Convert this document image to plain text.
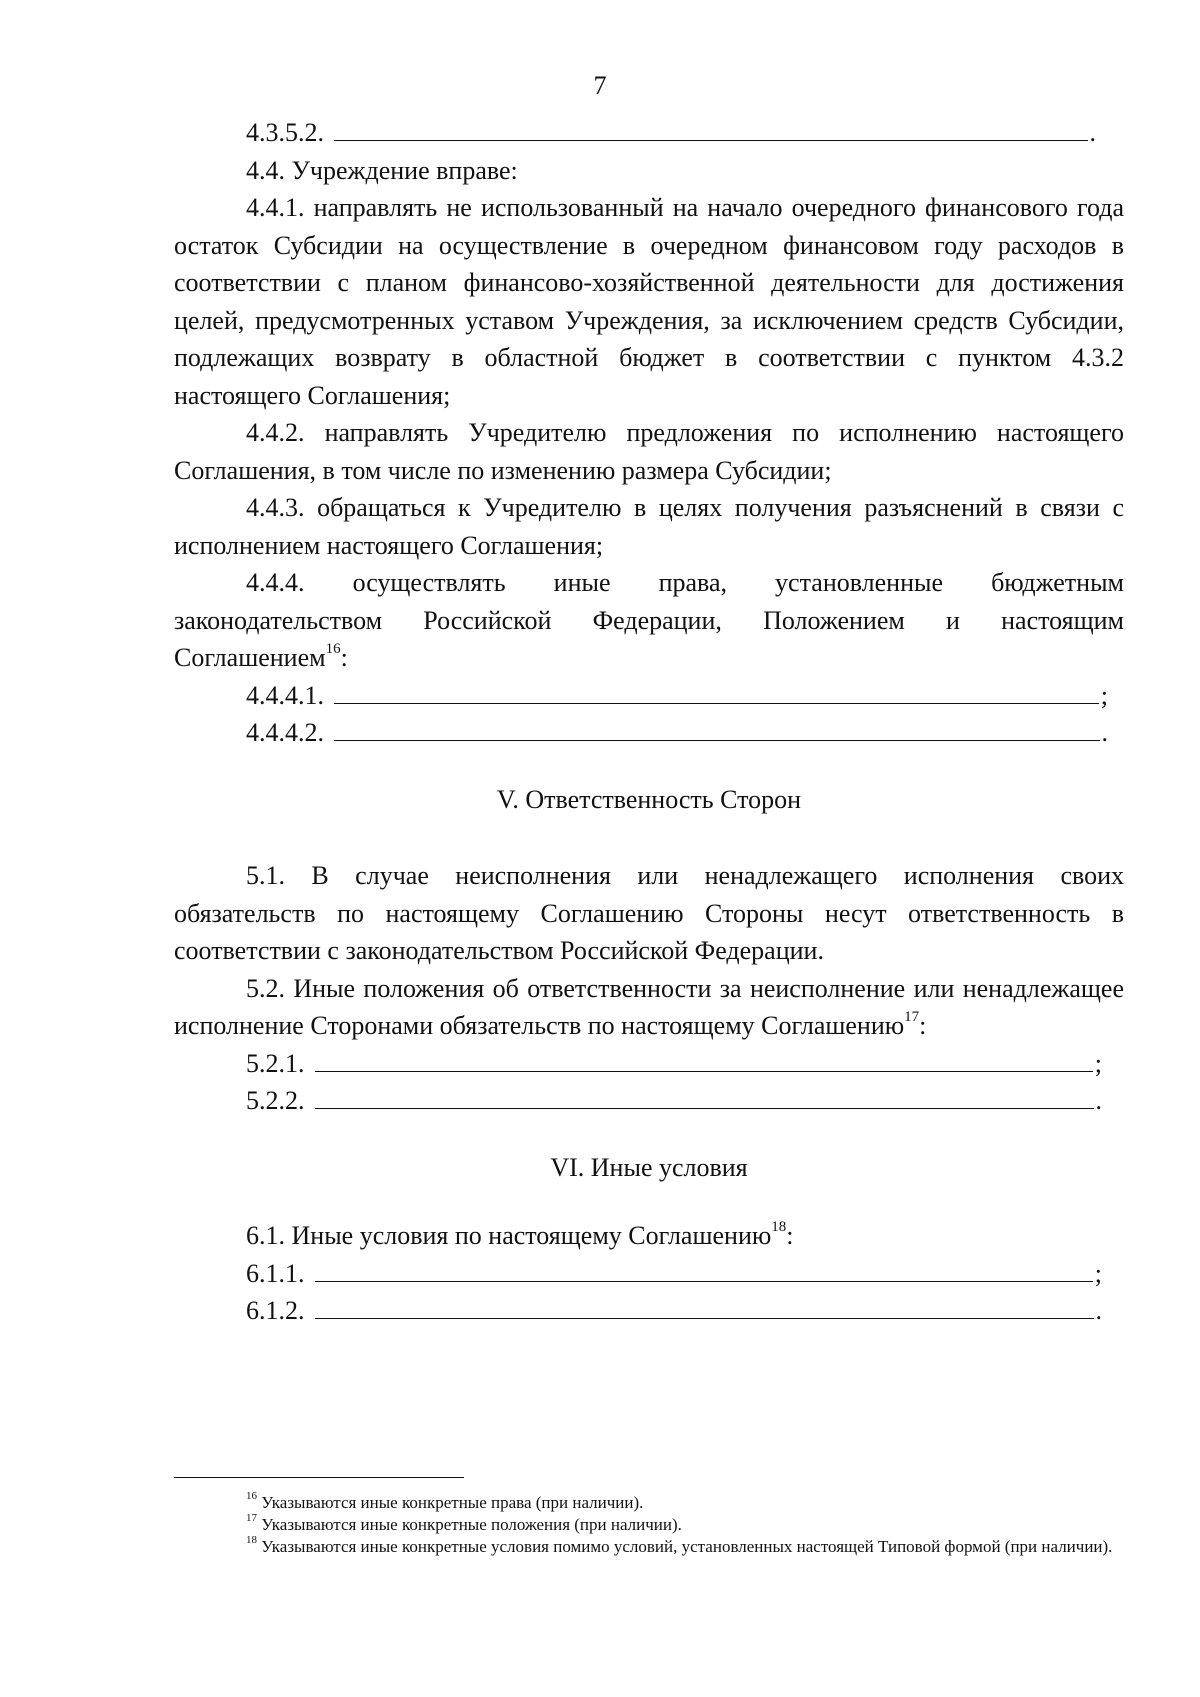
7
4.3.5.2.	.

4.4. Учреждение вправе:

4.4.1. направлять не использованный на начало очередного финансового года остаток Субсидии на осуществление в очередном финансовом году расходов в соответствии с планом финансово-хозяйственной деятельности для достижения целей, предусмотренных уставом Учреждения, за исключением средств Субсидии, подлежащих возврату в областной бюджет в соответствии с пунктом 4.3.2 настоящего Соглашения;

4.4.2. направлять Учредителю предложения по исполнению настоящего Соглашения, в том числе по изменению размера Субсидии;

4.4.3. обращаться к Учредителю в целях получения разъяснений в связи с исполнением настоящего Соглашения;

4.4.4. осуществлять иные права, установленные бюджетным законодательством Российской Федерации, Положением и настоящим Соглашением$^{16}$:

4.4.4.1.	;
4.4.4.2.	.

V. Ответственность Сторон

5.1. В случае неисполнения или ненадлежащего исполнения своих обязательств по настоящему Соглашению Стороны несут ответственность в соответствии с законодательством Российской Федерации.

5.2. Иные положения об ответственности за неисполнение или ненадлежащее исполнение Сторонами обязательств по настоящему Соглашению$^{17}$:

5.2.1.	;
5.2.2.	.

VI. Иные условия

6.1. Иные условия по настоящему Соглашению$^{18}$:

6.1.1.	;
6.1.2.	.

$^{16}$ Указываются иные конкретные права (при наличии).

$^{17}$ Указываются иные конкретные положения (при наличии).

$^{18}$ Указываются иные конкретные условия помимо условий, установленных настоящей Типовой формой (при наличии).
